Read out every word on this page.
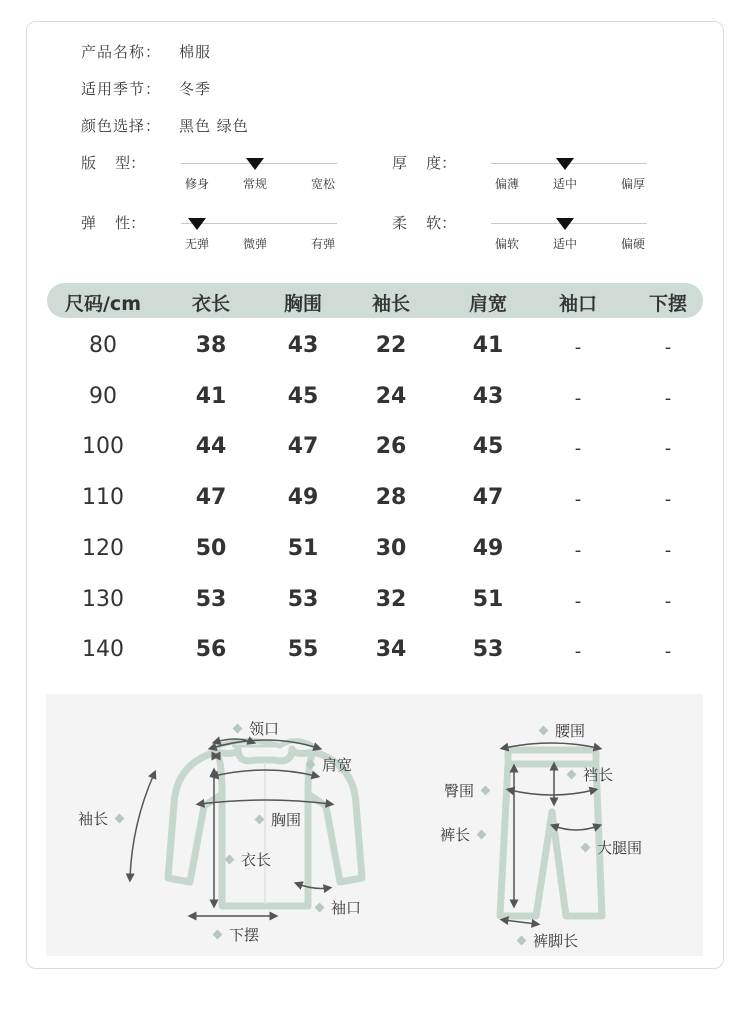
产品名称： 棉服
适用季节： 冬季
颜色选择： 黑色 绿色
版    型：
修身	常规	宽松
厚    度：
偏薄	适中	偏厚
弹    性：
无弹	微弹	有弹
柔    软：
偏软	适中	偏硬
尺码/cm	衣长	胸围	袖长	肩宽	袖口	下摆
80	38	43	22	41	-	-
90	41	45	24	43	-	-
100	44	47	26	45	-	-
110	47	49	28	47	-	-
120	50	51	30	49	-	-
130	53	53	32	51	-	-
140	56	55	34	53	-	-
领口
肩宽
袖长	胸围
衣长
袖口
下摆
腰围
裆长
臀围
裤长
大腿围
裤脚长
